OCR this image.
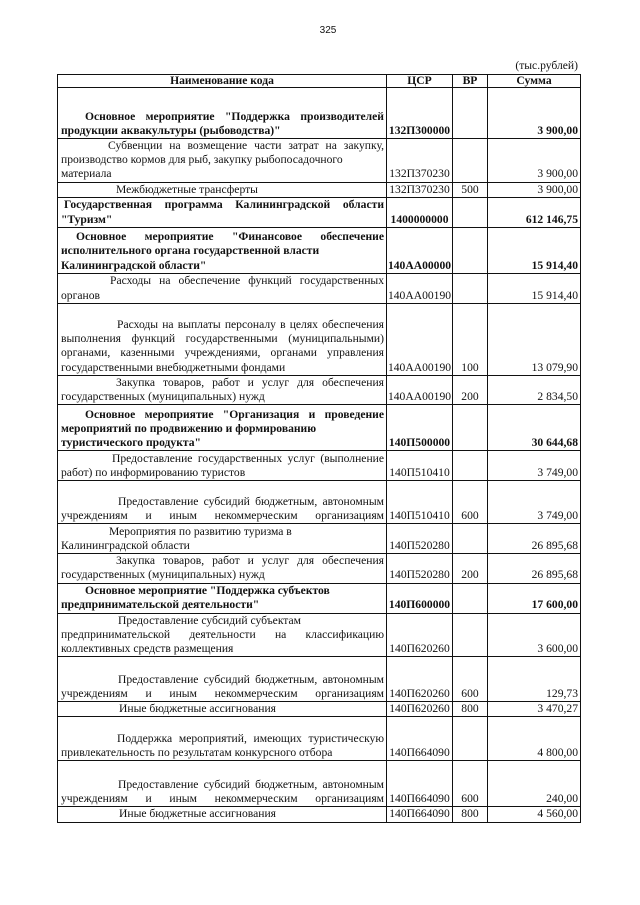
325
(тыс.рублей)
Наименование кода	ЦСР	ВР	Сумма

Основное мероприятие "Поддержка производителей
продукции аквакультуры (рыбоводства)"	132П300000		3 900,00

Субвенции на возмещение части затрат на закупку,
производство кормов для рыб, закупку рыбопосадочного
материала	132П370230		3 900,00

Межбюджетные трансферты	132П370230	500	3 900,00

Государственная программа Калининградской области
"Туризм"	1400000000		612 146,75

Основное мероприятие "Финансовое обеспечение
исполнительного органа государственной власти
Калининградской области"	140АА00000		15 914,40

Расходы на обеспечение функций государственных
органов	140АА00190		15 914,40

Расходы на выплаты персоналу в целях обеспечения
выполнения функций государственными (муниципальными)
органами, казенными учреждениями, органами управления
государственными внебюджетными фондами	140АА00190	100	13 079,90

Закупка товаров, работ и услуг для обеспечения
государственных (муниципальных) нужд	140АА00190	200	2 834,50

Основное мероприятие "Организация и проведение
мероприятий по продвижению и формированию
туристического продукта"	140П500000		30 644,68

Предоставление государственных услуг (выполнение
работ) по информированию туристов	140П510410		3 749,00

Предоставление субсидий бюджетным, автономным
учреждениям и иным некоммерческим организациям	140П510410	600	3 749,00

Мероприятия по развитию туризма в
Калининградской области	140П520280		26 895,68

Закупка товаров, работ и услуг для обеспечения
государственных (муниципальных) нужд	140П520280	200	26 895,68

Основное мероприятие "Поддержка субъектов
предпринимательской деятельности"	140П600000		17 600,00

Предоставление субсидий субъектам
предпринимательской деятельности на классификацию
коллективных средств размещения	140П620260		3 600,00

Предоставление субсидий бюджетным, автономным
учреждениям и иным некоммерческим организациям	140П620260	600	129,73

Иные бюджетные ассигнования	140П620260	800	3 470,27

Поддержка мероприятий, имеющих туристическую
привлекательность по результатам конкурсного отбора	140П664090		4 800,00

Предоставление субсидий бюджетным, автономным
учреждениям и иным некоммерческим организациям	140П664090	600	240,00

Иные бюджетные ассигнования	140П664090	800	4 560,00
